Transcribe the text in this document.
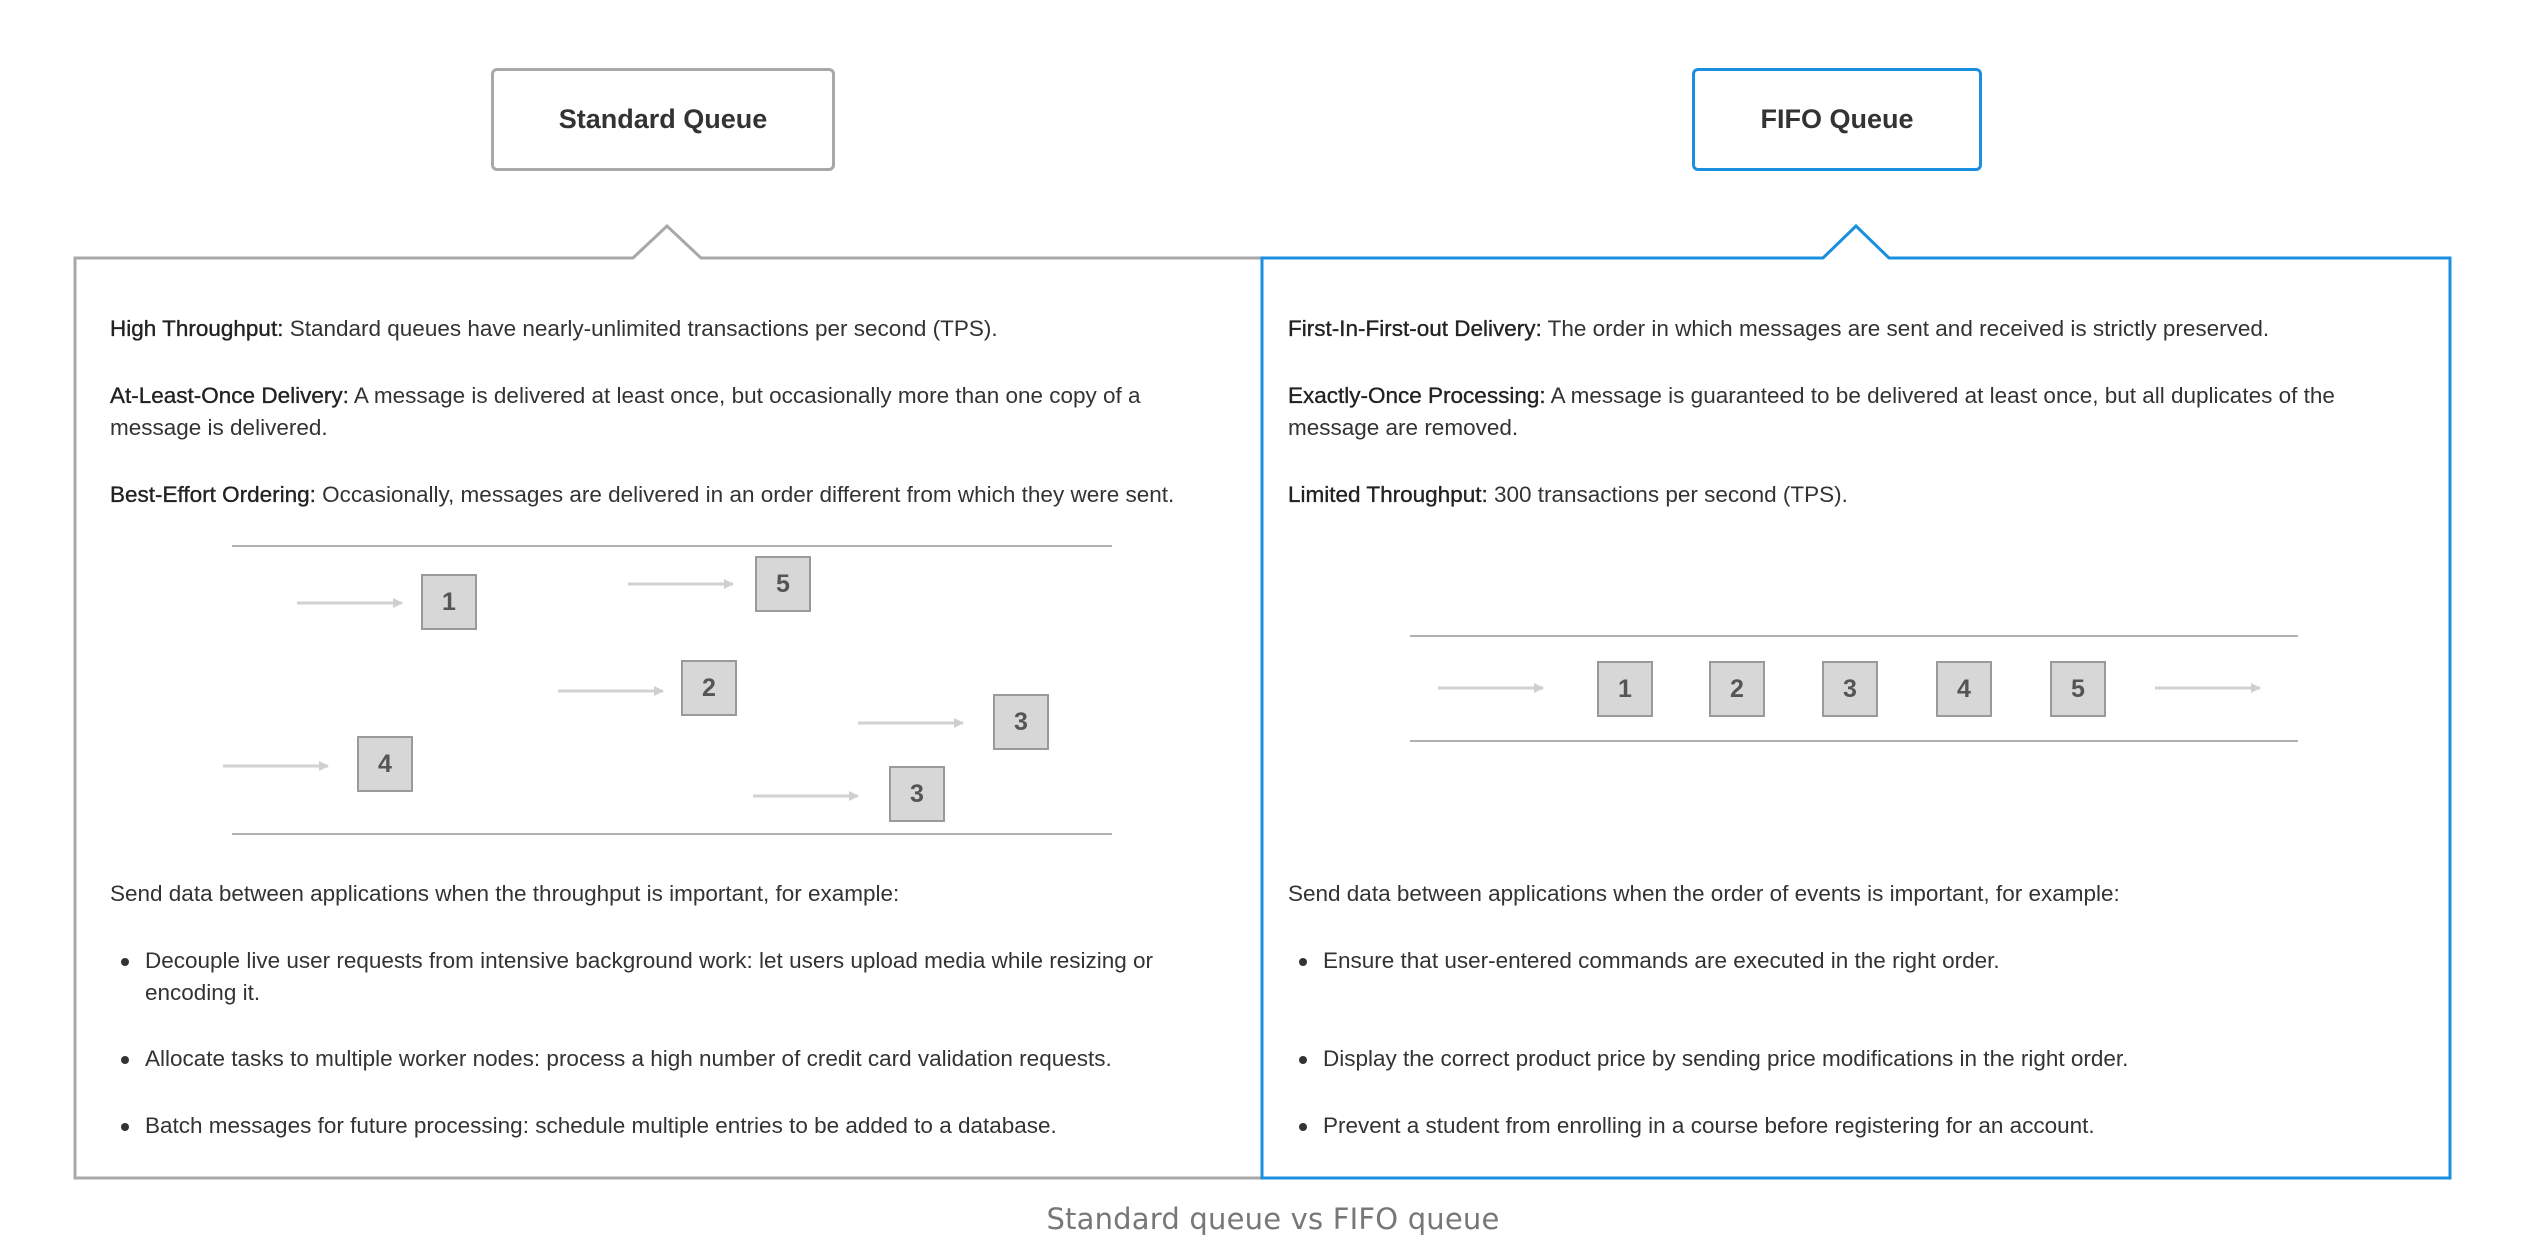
Standard Queue	FIFO Queue
1
5
2
3
4
3
1	2	3	4	5

High Throughput: Standard queues have nearly-unlimited transactions per second (TPS).

At-Least-Once Delivery: A message is delivered at least once, but occasionally more than one copy of a message is delivered.

Best-Effort Ordering: Occasionally, messages are delivered in an order different from which they were sent.

Send data between applications when the throughput is important, for example:

Decouple live user requests from intensive background work: let users upload media while resizing or encoding it.
Allocate tasks to multiple worker nodes: process a high number of credit card validation requests.
Batch messages for future processing: schedule multiple entries to be added to a database.

First-In-First-out Delivery: The order in which messages are sent and received is strictly preserved.

Exactly-Once Processing: A message is guaranteed to be delivered at least once, but all duplicates of the message are removed.

Limited Throughput: 300 transactions per second (TPS).

Send data between applications when the order of events is important, for example:

Ensure that user-entered commands are executed in the right order.
Display the correct product price by sending price modifications in the right order.
Prevent a student from enrolling in a course before registering for an account.
Standard queue vs FIFO queue
